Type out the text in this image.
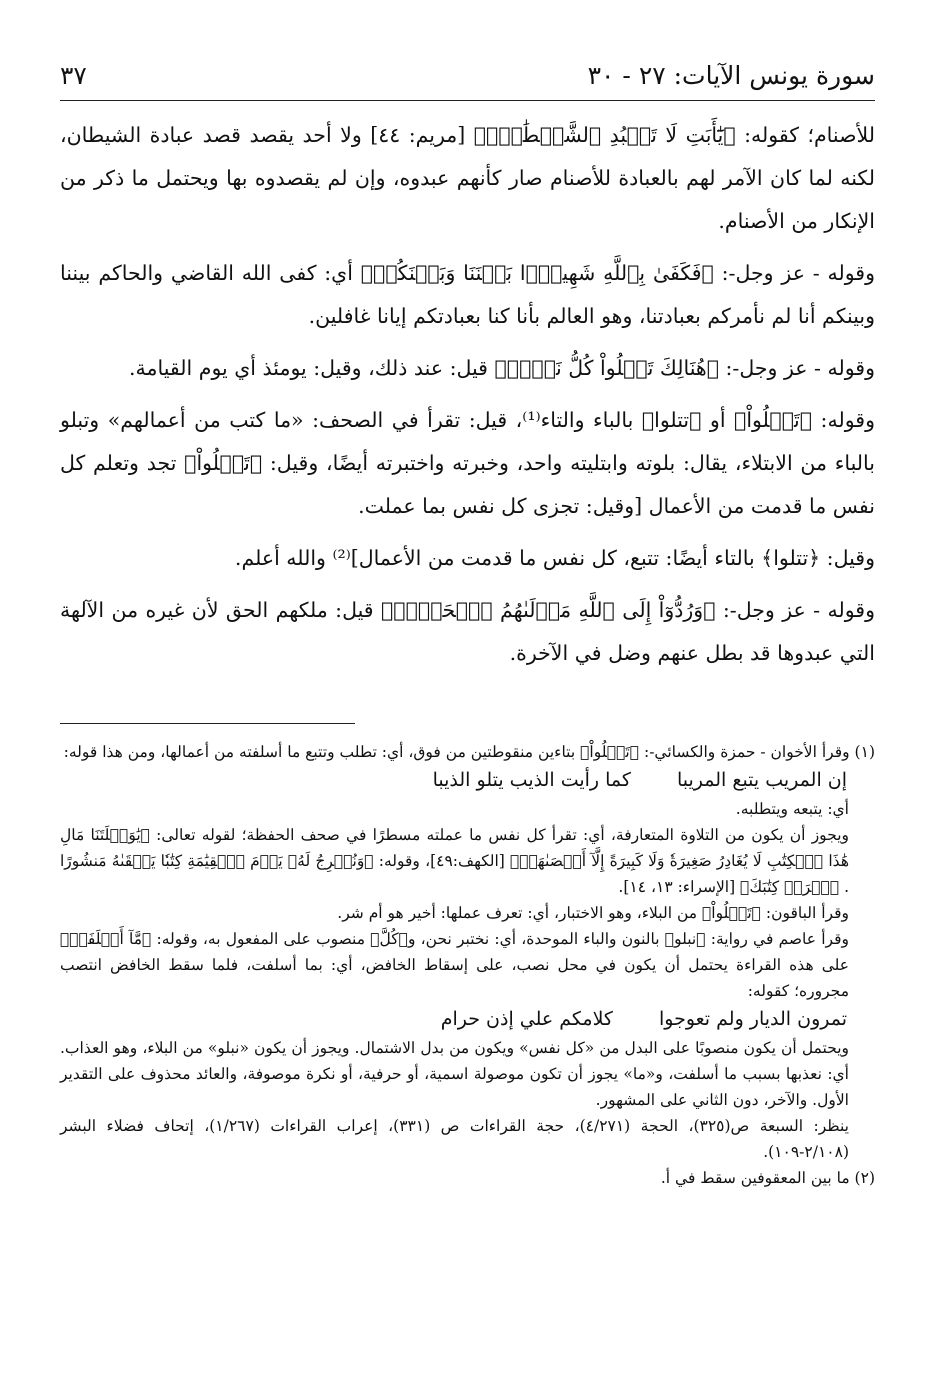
سورة يونس الآيات: ٢٧ - ٣٠
٣٧

للأصنام؛ كقوله: ﴿يَٰٓأَبَتِ لَا تَعۡبُدِ ٱلشَّيۡطَٰنَۖ﴾ [مريم: ٤٤] ولا أحد يقصد قصد عبادة الشيطان، لكنه لما كان الآمر لهم بالعبادة للأصنام صار كأنهم عبدوه، وإن لم يقصدوه بها ويحتمل ما ذكر من الإنكار من الأصنام.

وقوله - عز وجل-: ﴿فَكَفَىٰ بِٱللَّهِ شَهِيدَۢا بَيۡنَنَا وَبَيۡنَكُمۡ﴾ أي: كفى الله القاضي والحاكم بيننا وبينكم أنا لم نأمركم بعبادتنا، وهو العالم بأنا كنا بعبادتكم إيانا غافلين.

وقوله - عز وجل-: ﴿هُنَالِكَ تَبۡلُواْ كُلُّ نَفۡسٖ﴾ قيل: عند ذلك، وقيل: يومئذ أي يوم القيامة.

وقوله: ﴿تَبۡلُواْ﴾ أو ﴿تتلوا﴾ بالباء والتاء⁽¹⁾، قيل: تقرأ في الصحف: «ما كتب من أعمالهم» وتبلو بالباء من الابتلاء، يقال: بلوته وابتليته واحد، وخبرته واختبرته أيضًا، وقيل: ﴿تَبۡلُواْ﴾ تجد وتعلم كل نفس ما قدمت من الأعمال [وقيل: تجزى كل نفس بما عملت.

وقيل: ﴿تتلوا﴾ بالتاء أيضًا: تتبع، كل نفس ما قدمت من الأعمال]⁽²⁾ والله أعلم.

وقوله - عز وجل-: ﴿وَرُدُّوٓاْ إِلَى ٱللَّهِ مَوۡلَىٰهُمُ ٱلۡحَقِّۖ﴾ قيل: ملكهم الحق لأن غيره من الآلهة التي عبدوها قد بطل عنهم وضل في الآخرة.

(١) وقرأ الأخوان - حمزة والكسائي-: ﴿تَتۡلُواْ﴾ بتاءين منقوطتين من فوق، أي: تطلب وتتبع ما أسلفته من أعمالها، ومن هذا قوله:

إن المريب يتبع المريبا
كما رأيت الذيب يتلو الذيبا

أي: يتبعه ويتطلبه.

ويجوز أن يكون من التلاوة المتعارفة، أي: تقرأ كل نفس ما عملته مسطرًا في صحف الحفظة؛ لقوله تعالى: ﴿يَٰوَيۡلَتَنَا مَالِ هَٰذَا ٱلۡكِتَٰبِ لَا يُغَادِرُ صَغِيرَةٗ وَلَا كَبِيرَةً إِلَّآ أَحۡصَىٰهَاۚ﴾ [الكهف:٤٩]، وقوله: ﴿وَنُخۡرِجُ لَهُۥ يَوۡمَ ٱلۡقِيَٰمَةِ كِتَٰبٗا يَلۡقَىٰهُ مَنشُورًا . ٱقۡرَأۡ كِتَٰبَكَ﴾ [الإسراء: ١٣، ١٤].

وقرأ الباقون: ﴿تَبۡلُواْ﴾ من البلاء، وهو الاختبار، أي: تعرف عملها: أخير هو أم شر.

وقرأ عاصم في رواية: ﴿نبلو﴾ بالنون والباء الموحدة، أي: نختبر نحن، و﴿كُلَّ﴾ منصوب على المفعول به، وقوله: ﴿مَّآ أَسۡلَفَتۡ﴾ على هذه القراءة يحتمل أن يكون في محل نصب، على إسقاط الخافض، أي: بما أسلفت، فلما سقط الخافض انتصب مجروره؛ كقوله:

تمرون الديار ولم تعوجوا
كلامكم علي إذن حرام

ويحتمل أن يكون منصوبًا على البدل من «كل نفس» ويكون من بدل الاشتمال. ويجوز أن يكون «نبلو» من البلاء، وهو العذاب. أي: نعذبها بسبب ما أسلفت، و«ما» يجوز أن تكون موصولة اسمية، أو حرفية، أو نكرة موصوفة، والعائد محذوف على التقدير الأول. والآخر، دون الثاني على المشهور.

ينظر: السبعة ص(٣٢٥)، الحجة (٤/٢٧١)، حجة القراءات ص (٣٣١)، إعراب القراءات (١/٢٦٧)، إتحاف فضلاء البشر (٢/١٠٨-١٠٩).

(٢) ما بين المعقوفين سقط في أ.
